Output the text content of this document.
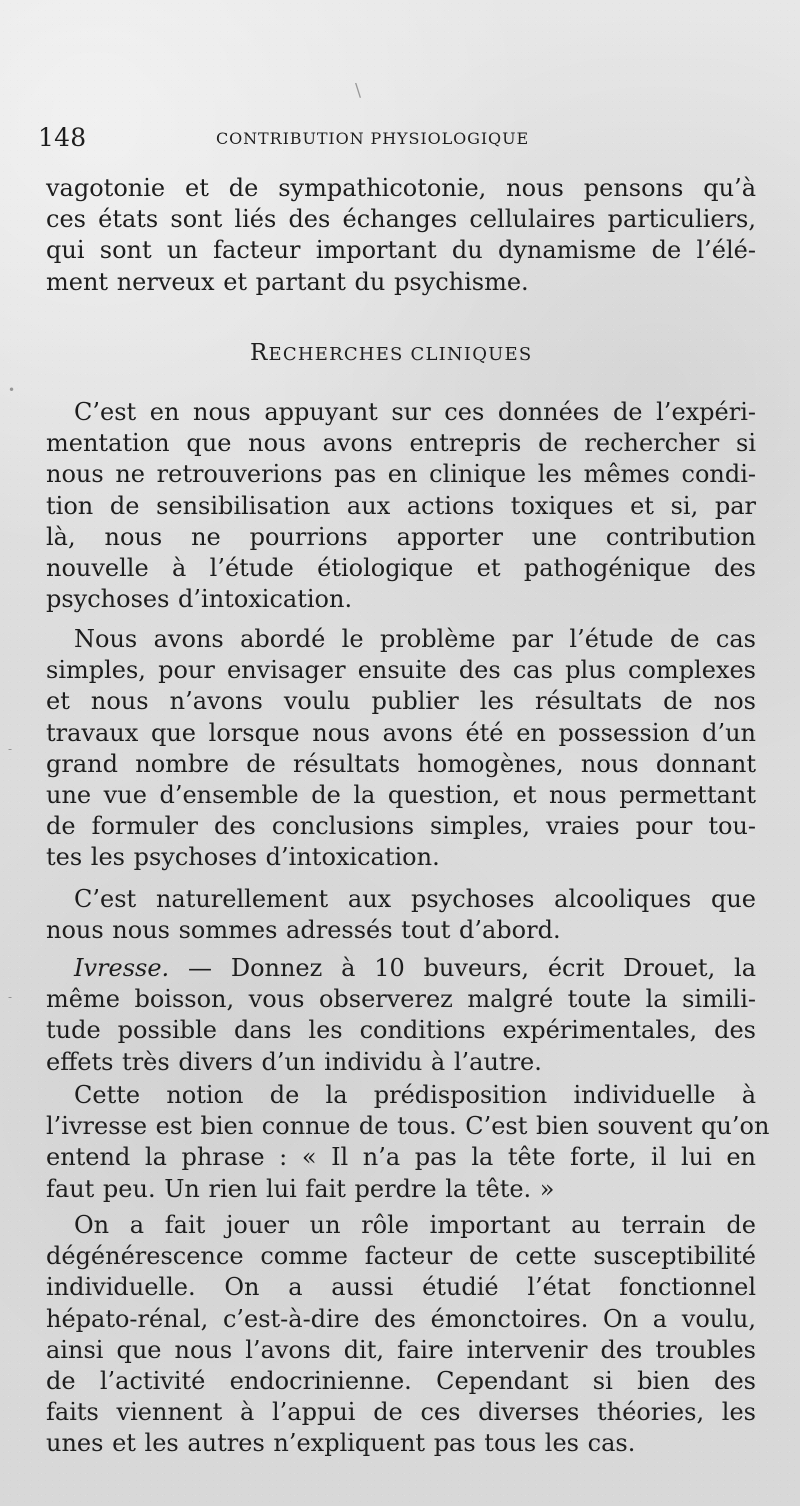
•
-
-
\
148	CONTRIBUTION PHYSIOLOGIQUE
vagotonie et de sympathicotonie, nous pensons qu’à
ces états sont liés des échanges cellulaires particuliers,
qui sont un facteur important du dynamisme de l’élé-
ment nerveux et partant du psychisme.
RECHERCHES CLINIQUES
C’est en nous appuyant sur ces données de l’expéri-
mentation que nous avons entrepris de rechercher si
nous ne retrouverions pas en clinique les mêmes condi-
tion de sensibilisation aux actions toxiques et si, par
là, nous ne pourrions apporter une contribution
nouvelle à l’étude étiologique et pathogénique des
psychoses d’intoxication.
Nous avons abordé le problème par l’étude de cas
simples, pour envisager ensuite des cas plus complexes
et nous n’avons voulu publier les résultats de nos
travaux que lorsque nous avons été en possession d’un
grand nombre de résultats homogènes, nous donnant
une vue d’ensemble de la question, et nous permettant
de formuler des conclusions simples, vraies pour tou-
tes les psychoses d’intoxication.
C’est naturellement aux psychoses alcooliques que
nous nous sommes adressés tout d’abord.
Ivresse. — Donnez à 10 buveurs, écrit Drouet, la
même boisson, vous observerez malgré toute la simili-
tude possible dans les conditions expérimentales, des
effets très divers d’un individu à l’autre.
Cette notion de la prédisposition individuelle à
l’ivresse est bien connue de tous. C’est bien souvent qu’on
entend la phrase : « Il n’a pas la tête forte, il lui en
faut peu. Un rien lui fait perdre la tête. »
On a fait jouer un rôle important au terrain de
dégénérescence comme facteur de cette susceptibilité
individuelle. On a aussi étudié l’état fonctionnel
hépato-rénal, c’est-à-dire des émonctoires. On a voulu,
ainsi que nous l’avons dit, faire intervenir des troubles
de l’activité endocrinienne. Cependant si bien des
faits viennent à l’appui de ces diverses théories, les
unes et les autres n’expliquent pas tous les cas.
